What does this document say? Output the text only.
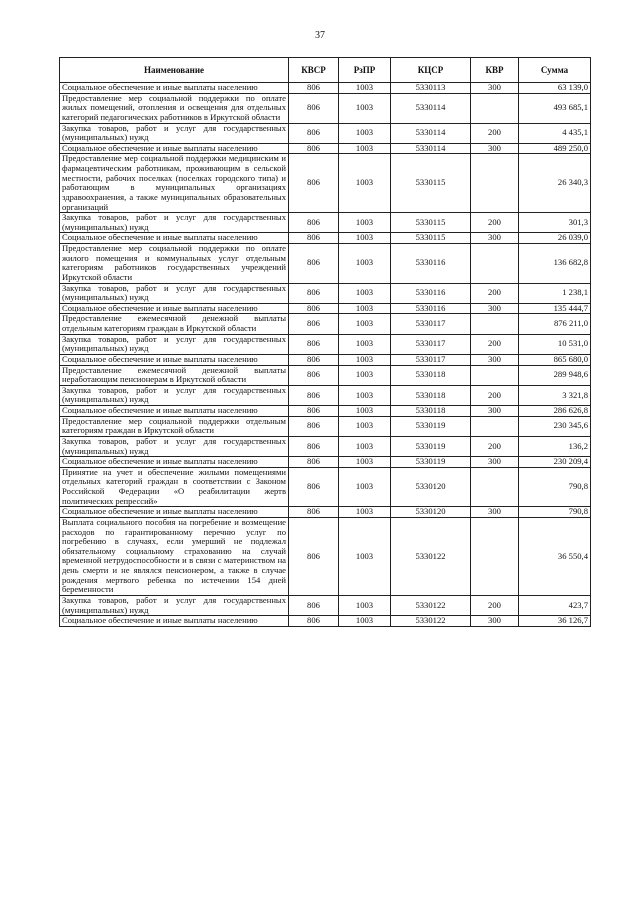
37
Наименование	КВСР	РзПР	КЦСР	КВР	Сумма
Социальное обеспечение и иные выплаты населению	806	1003	5330113	300	63 139,0
Предоставление мер социальной поддержки по оплате жилых помещений, отопления и освещения для отдельных категорий педагогических работников в Иркутской области	806	1003	5330114		493 685,1
Закупка товаров, работ и услуг для государственных (муниципальных) нужд	806	1003	5330114	200	4 435,1
Социальное обеспечение и иные выплаты населению	806	1003	5330114	300	489 250,0
Предоставление мер социальной поддержки медицинским и фармацевтическим работникам, проживающим в сельской местности, рабочих поселках (поселках городского типа) и работающим в муниципальных организациях здравоохранения, а также муниципальных образовательных организаций	806	1003	5330115		26 340,3
Закупка товаров, работ и услуг для государственных (муниципальных) нужд	806	1003	5330115	200	301,3
Социальное обеспечение и иные выплаты населению	806	1003	5330115	300	26 039,0
Предоставление мер социальной поддержки по оплате жилого помещения и коммунальных услуг отдельным категориям работников государственных учреждений Иркутской области	806	1003	5330116		136 682,8
Закупка товаров, работ и услуг для государственных (муниципальных) нужд	806	1003	5330116	200	1 238,1
Социальное обеспечение и иные выплаты населению	806	1003	5330116	300	135 444,7
Предоставление ежемесячной денежной выплаты отдельным категориям граждан в Иркутской области	806	1003	5330117		876 211,0
Закупка товаров, работ и услуг для государственных (муниципальных) нужд	806	1003	5330117	200	10 531,0
Социальное обеспечение и иные выплаты населению	806	1003	5330117	300	865 680,0
Предоставление ежемесячной денежной выплаты неработающим пенсионерам в Иркутской области	806	1003	5330118		289 948,6
Закупка товаров, работ и услуг для государственных (муниципальных) нужд	806	1003	5330118	200	3 321,8
Социальное обеспечение и иные выплаты населению	806	1003	5330118	300	286 626,8
Предоставление мер социальной поддержки отдельным категориям граждан в Иркутской области	806	1003	5330119		230 345,6
Закупка товаров, работ и услуг для государственных (муниципальных) нужд	806	1003	5330119	200	136,2
Социальное обеспечение и иные выплаты населению	806	1003	5330119	300	230 209,4
Принятие на учет и обеспечение жилыми помещениями отдельных категорий граждан в соответствии с Законом Российской Федерации «О реабилитации жертв политических репрессий»	806	1003	5330120		790,8
Социальное обеспечение и иные выплаты населению	806	1003	5330120	300	790,8
Выплата социального пособия на погребение и возмещение расходов по гарантированному перечню услуг по погребению в случаях, если умерший не подлежал обязательному социальному страхованию на случай временной нетрудоспособности и в связи с материнством на день смерти и не являлся пенсионером, а также в случае рождения мертвого ребенка по истечении 154 дней беременности	806	1003	5330122		36 550,4
Закупка товаров, работ и услуг для государственных (муниципальных) нужд	806	1003	5330122	200	423,7
Социальное обеспечение и иные выплаты населению	806	1003	5330122	300	36 126,7
